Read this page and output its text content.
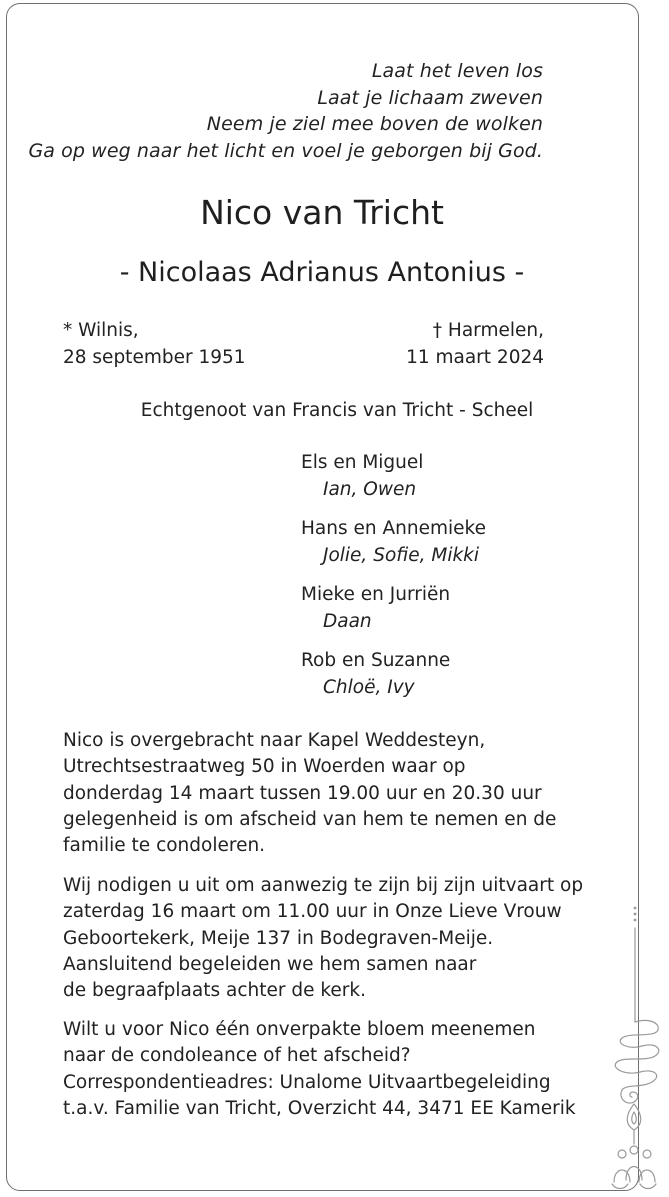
Laat het leven los
Laat je lichaam zweven
Neem je ziel mee boven de wolken
Ga op weg naar het licht en voel je geborgen bij God.
Nico van Tricht
- Nicolaas Adrianus Antonius -
* Wilnis,
28 september 1951
† Harmelen,
11 maart 2024
Echtgenoot van Francis van Tricht - Scheel
Els en Miguel
Ian, Owen
Hans en Annemieke
Jolie, Sofie, Mikki
Mieke en Jurriën
Daan
Rob en Suzanne
Chloë, Ivy
Nico is overgebracht naar Kapel Weddesteyn,
Utrechtsestraatweg 50 in Woerden waar op
donderdag 14 maart tussen 19.00 uur en 20.30 uur
gelegenheid is om afscheid van hem te nemen en de
familie te condoleren.
Wij nodigen u uit om aanwezig te zijn bij zijn uitvaart op
zaterdag 16 maart om 11.00 uur in Onze Lieve Vrouw
Geboortekerk, Meije 137 in Bodegraven-Meije.
Aansluitend begeleiden we hem samen naar
de begraafplaats achter de kerk.
Wilt u voor Nico één onverpakte bloem meenemen
naar de condoleance of het afscheid?
Correspondentieadres: Unalome Uitvaartbegeleiding
t.a.v. Familie van Tricht, Overzicht 44, 3471 EE Kamerik
